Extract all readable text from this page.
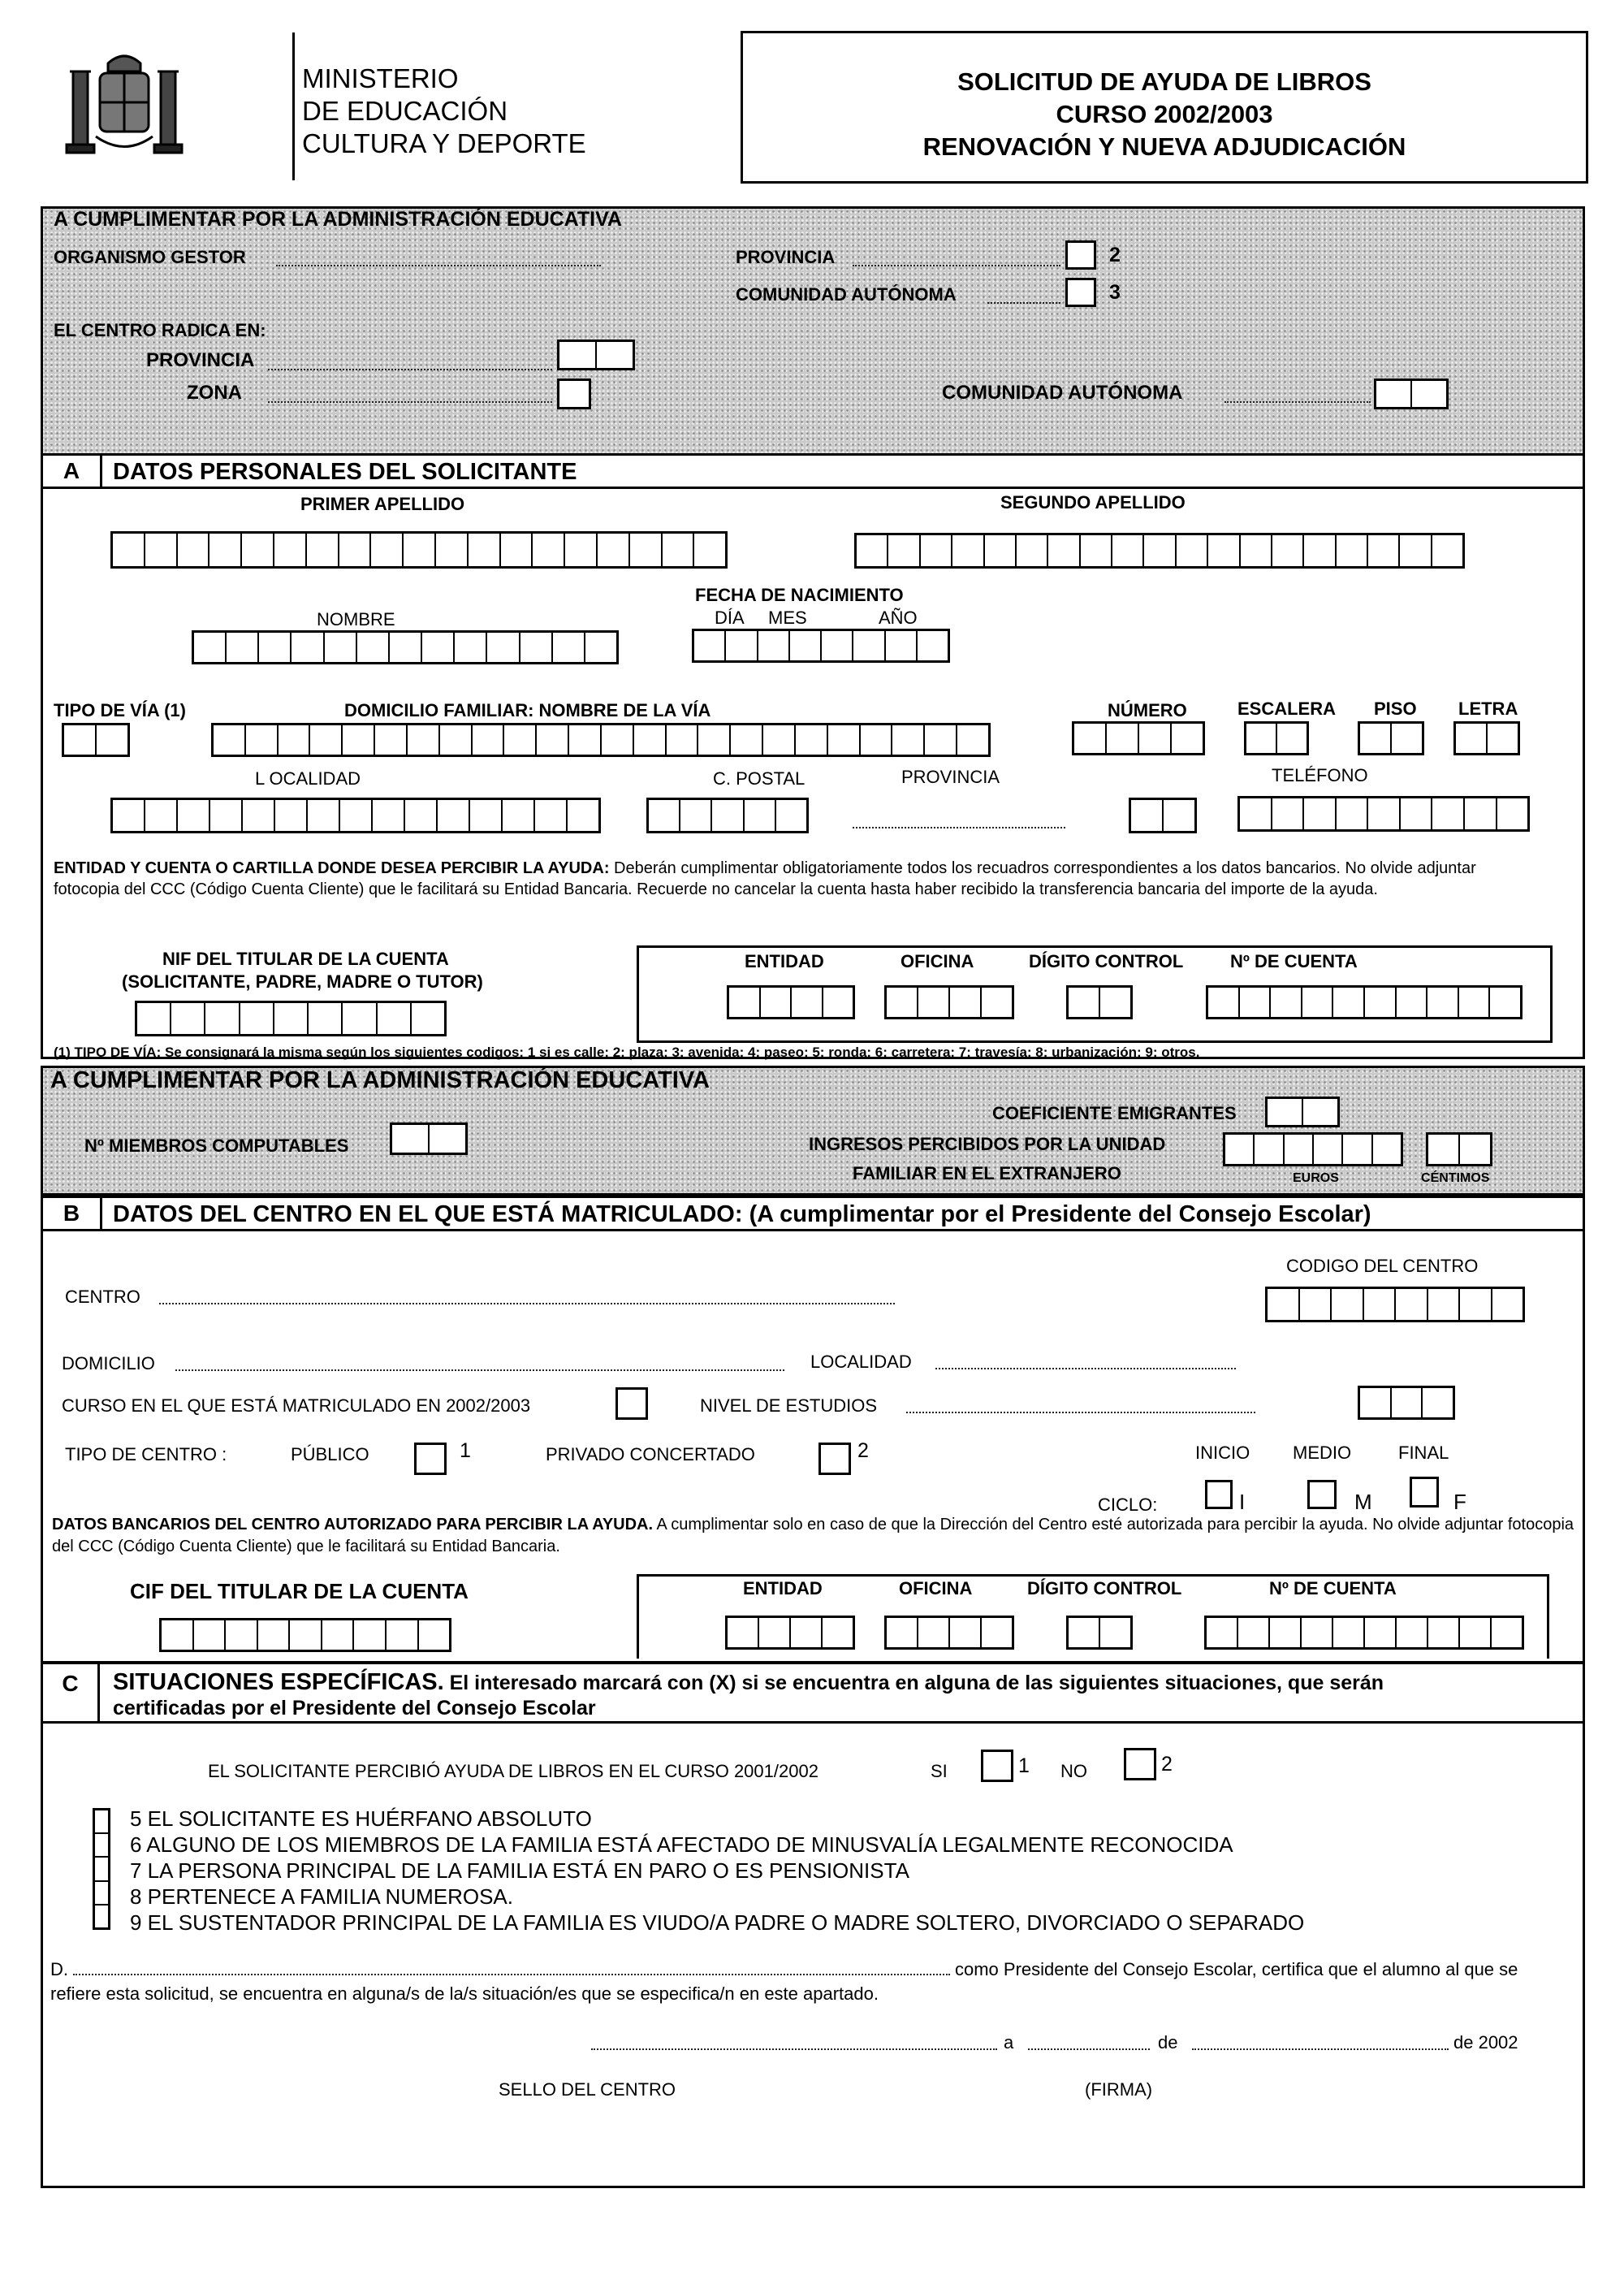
MINISTERIO
DE EDUCACIÓN
CULTURA Y DEPORTE
SOLICITUD DE AYUDA DE LIBROS
CURSO 2002/2003
RENOVACIÓN Y NUEVA ADJUDICACIÓN
A CUMPLIMENTAR POR LA ADMINISTRACIÓN EDUCATIVA
ORGANISMO GESTOR	PROVINCIA	2
COMUNIDAD AUTÓNOMA	3
EL CENTRO RADICA EN:
PROVINCIA
ZONA	COMUNIDAD AUTÓNOMA
A	DATOS PERSONALES DEL SOLICITANTE
PRIMER APELLIDO	SEGUNDO APELLIDO
FECHA DE NACIMIENTO
DÍA MES	AÑO
NOMBRE
TIPO DE VÍA (1)	DOMICILIO FAMILIAR: NOMBRE DE LA VÍA	NÚMERO	ESCALERA PISO LETRA
L OCALIDAD	C. POSTAL	PROVINCIA	TELÉFONO
ENTIDAD Y CUENTA O CARTILLA DONDE DESEA PERCIBIR LA AYUDA: Deberán cumplimentar obligatoriamente todos los recuadros correspondientes a los datos bancarios. No olvide adjuntar fotocopia del CCC (Código Cuenta Cliente) que le facilitará su Entidad Bancaria. Recuerde no cancelar la cuenta hasta haber recibido la transferencia bancaria del importe de la ayuda.
NIF DEL TITULAR DE LA CUENTA
(SOLICITANTE, PADRE, MADRE O TUTOR)
ENTIDAD	OFICINA	DÍGITO CONTROL	Nº DE CUENTA
(1) TIPO DE VÍA: Se consignará la misma según los siguientes codigos: 1 si es calle; 2: plaza; 3: avenida; 4: paseo; 5: ronda; 6: carretera; 7: travesía; 8: urbanización; 9: otros.
A CUMPLIMENTAR POR LA ADMINISTRACIÓN EDUCATIVA
COEFICIENTE EMIGRANTES
Nº MIEMBROS COMPUTABLES	INGRESOS PERCIBIDOS POR LA UNIDAD
FAMILIAR EN EL EXTRANJERO	EUROS	CÉNTIMOS
B	DATOS DEL CENTRO EN EL QUE ESTÁ MATRICULADO: (A cumplimentar por el Presidente del Consejo Escolar)
CODIGO DEL CENTRO
CENTRO
DOMICILIO	LOCALIDAD
CURSO EN EL QUE ESTÁ MATRICULADO EN 2002/2003	NIVEL DE ESTUDIOS
TIPO DE CENTRO :	PÚBLICO	1	PRIVADO CONCERTADO	2	INICIO MEDIO	FINAL
CICLO:	I	M	F
DATOS BANCARIOS DEL CENTRO AUTORIZADO PARA PERCIBIR LA AYUDA. A cumplimentar solo en caso de que la Dirección del Centro esté autorizada para percibir la ayuda. No olvide adjuntar fotocopia del CCC (Código Cuenta Cliente) que le facilitará su Entidad Bancaria.
CIF DEL TITULAR DE LA CUENTA	ENTIDAD	OFICINA	DÍGITO CONTROL	Nº DE CUENTA
C	SITUACIONES ESPECÍFICAS. El interesado marcará con (X) si se encuentra en alguna de las siguientes situaciones, que serán
certificadas por el Presidente del Consejo Escolar
EL SOLICITANTE PERCIBIÓ AYUDA DE LIBROS EN EL CURSO 2001/2002	SI	1 NO	2
5 EL SOLICITANTE ES HUÉRFANO ABSOLUTO
6 ALGUNO DE LOS MIEMBROS DE LA FAMILIA ESTÁ AFECTADO DE MINUSVALÍA LEGALMENTE RECONOCIDA
7 LA PERSONA PRINCIPAL DE LA FAMILIA ESTÁ EN PARO O ES PENSIONISTA
8 PERTENECE A FAMILIA NUMEROSA.
9 EL SUSTENTADOR PRINCIPAL DE LA FAMILIA ES VIUDO/A PADRE O MADRE SOLTERO, DIVORCIADO O SEPARADO
D.	como Presidente del Consejo Escolar, certifica que el alumno al que se
refiere esta solicitud, se encuentra en alguna/s de la/s situación/es que se especifica/n en este apartado.
a	de	de 2002
SELLO DEL CENTRO	(FIRMA)
